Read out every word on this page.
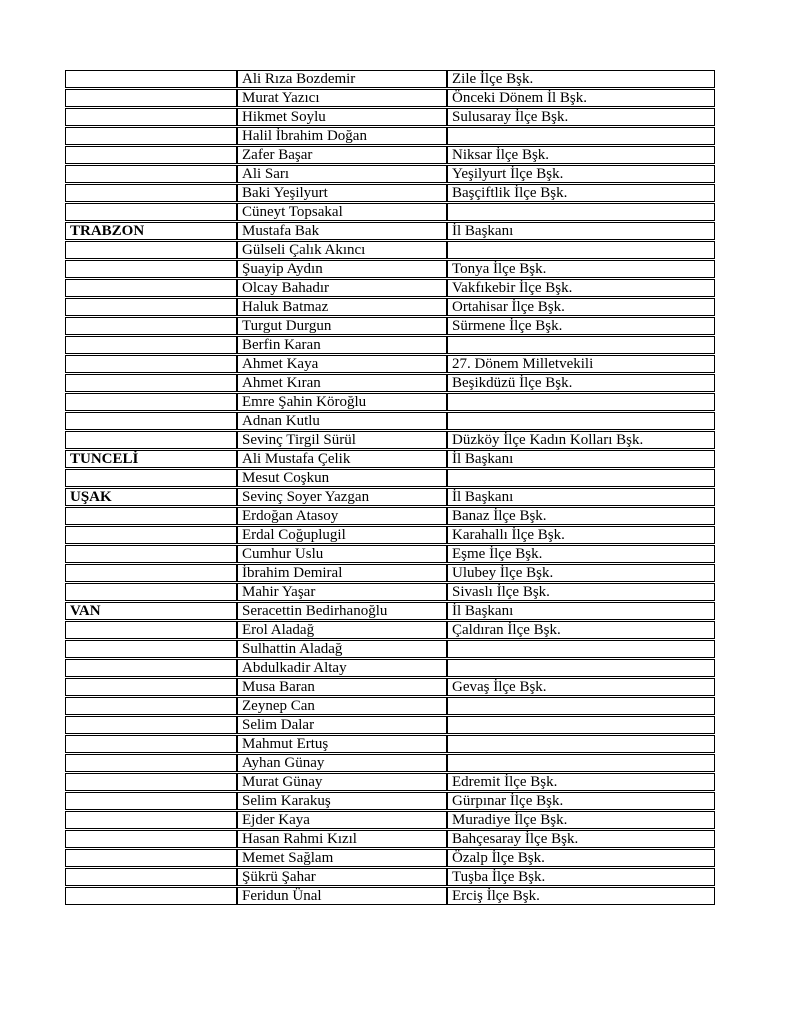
	Ali Rıza Bozdemir	Zile İlçe Bşk.
	Murat Yazıcı	Önceki Dönem İl Bşk.
	Hikmet Soylu	Sulusaray İlçe Bşk.
	Halil İbrahim Doğan	
	Zafer Başar	Niksar İlçe Bşk.
	Ali Sarı	Yeşilyurt İlçe Bşk.
	Baki Yeşilyurt	Başçiftlik İlçe Bşk.
	Cüneyt Topsakal	
TRABZON	Mustafa Bak	İl Başkanı
	Gülseli Çalık Akıncı	
	Şuayip Aydın	Tonya İlçe Bşk.
	Olcay Bahadır	Vakfıkebir İlçe Bşk.
	Haluk Batmaz	Ortahisar İlçe Bşk.
	Turgut Durgun	Sürmene İlçe Bşk.
	Berfin Karan	
	Ahmet Kaya	27. Dönem Milletvekili
	Ahmet Kıran	Beşikdüzü İlçe Bşk.
	Emre Şahin Köroğlu	
	Adnan Kutlu	
	Sevinç Tirgil Sürül	Düzköy İlçe Kadın Kolları Bşk.
TUNCELİ	Ali Mustafa Çelik	İl Başkanı
	Mesut Coşkun	
UŞAK	Sevinç Soyer Yazgan	İl Başkanı
	Erdoğan Atasoy	Banaz İlçe Bşk.
	Erdal Coğuplugil	Karahallı İlçe Bşk.
	Cumhur Uslu	Eşme İlçe Bşk.
	İbrahim Demiral	Ulubey İlçe Bşk.
	Mahir Yaşar	Sivaslı İlçe Bşk.
VAN	Seracettin Bedirhanoğlu	İl Başkanı
	Erol Aladağ	Çaldıran İlçe Bşk.
	Sulhattin Aladağ	
	Abdulkadir Altay	
	Musa Baran	Gevaş İlçe Bşk.
	Zeynep Can	
	Selim Dalar	
	Mahmut Ertuş	
	Ayhan Günay	
	Murat Günay	Edremit İlçe Bşk.
	Selim Karakuş	Gürpınar İlçe Bşk.
	Ejder Kaya	Muradiye İlçe Bşk.
	Hasan Rahmi Kızıl	Bahçesaray İlçe Bşk.
	Memet Sağlam	Özalp İlçe Bşk.
	Şükrü Şahar	Tuşba İlçe Bşk.
	Feridun Ünal	Erciş İlçe Bşk.
